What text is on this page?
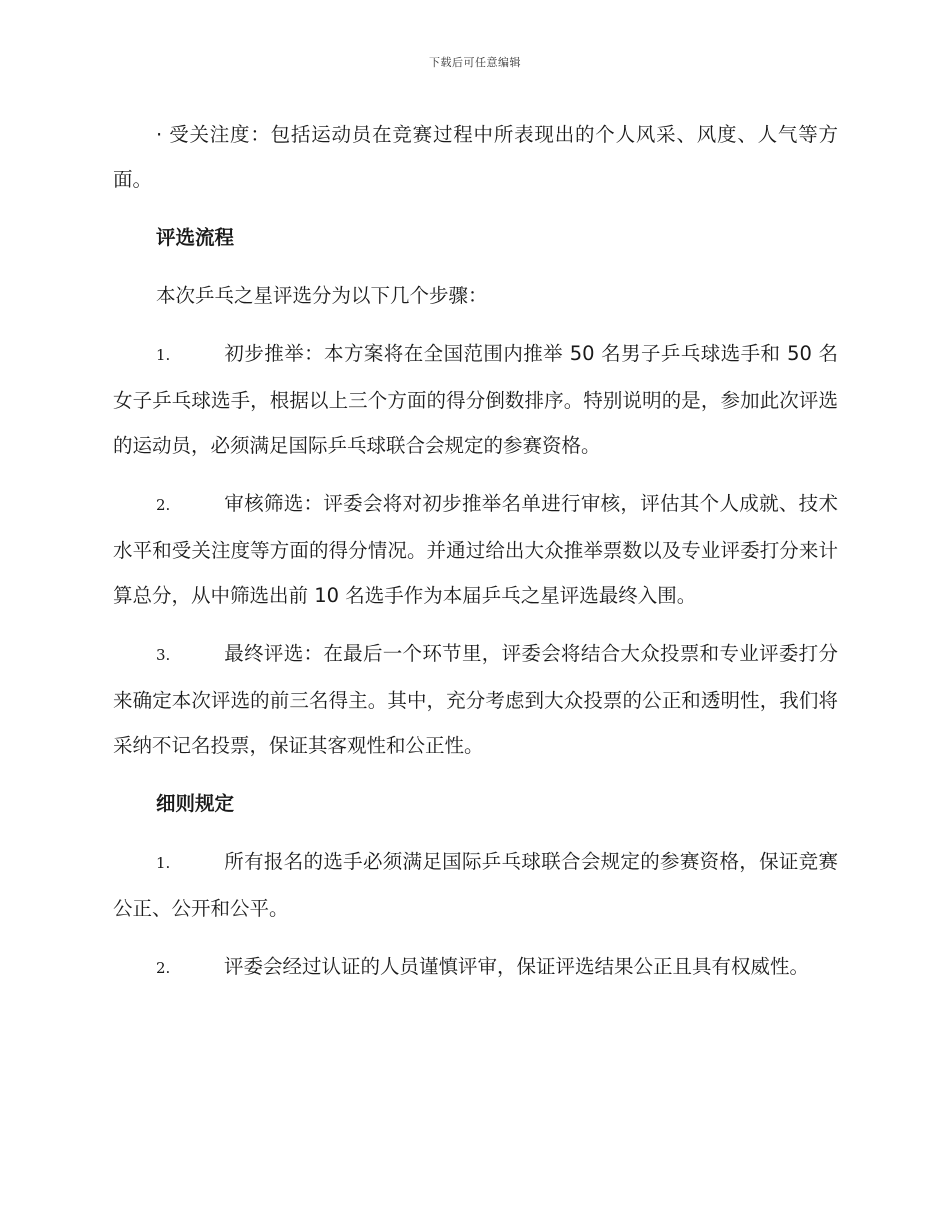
下载后可任意编辑

· 受关注度：包括运动员在竞赛过程中所表现出的个人风采、风度、人气等方面。

评选流程

本次乒乓之星评选分为以下几个步骤：

1.	初步推举：本方案将在全国范围内推举 50 名男子乒乓球选手和 50 名女子乒乓球选手，根据以上三个方面的得分倒数排序。特别说明的是，参加此次评选的运动员，必须满足国际乒乓球联合会规定的参赛资格。
2.	审核筛选：评委会将对初步推举名单进行审核，评估其个人成就、技术水平和受关注度等方面的得分情况。并通过给出大众推举票数以及专业评委打分来计算总分，从中筛选出前 10 名选手作为本届乒乓之星评选最终入围。
3.	最终评选：在最后一个环节里，评委会将结合大众投票和专业评委打分来确定本次评选的前三名得主。其中，充分考虑到大众投票的公正和透明性，我们将采纳不记名投票，保证其客观性和公正性。
细则规定
1.	所有报名的选手必须满足国际乒乓球联合会规定的参赛资格，保证竞赛公正、公开和公平。
2.	评委会经过认证的人员谨慎评审，保证评选结果公正且具有权威性。
